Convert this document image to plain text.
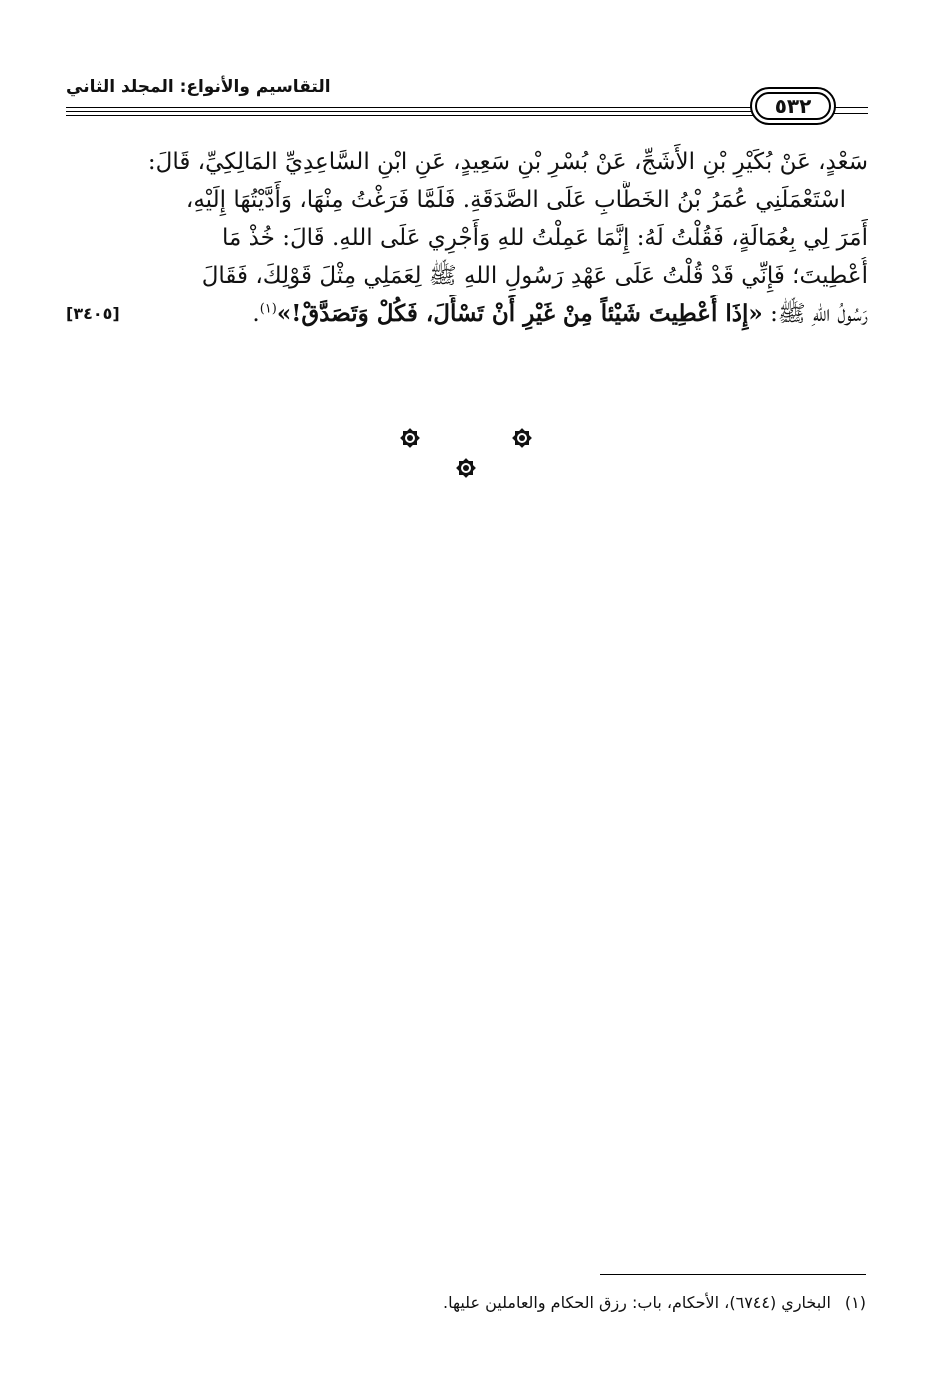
التقاسيم والأنواع: المجلد الثاني
٥٣٢
سَعْدٍ، عَنْ بُكَيْرِ بْنِ الأَشَجِّ، عَنْ بُسْرِ بْنِ سَعِيدٍ، عَنِ ابْنِ السَّاعِدِيِّ المَالِكِيِّ، قَالَ:
اسْتَعْمَلَنِي عُمَرُ بْنُ الخَطَّابِ عَلَى الصَّدَقَةِ. فَلَمَّا فَرَغْتُ مِنْهَا، وَأَدَّيْتُهَا إِلَيْهِ،
أَمَرَ لِي بِعُمَالَةٍ، فَقُلْتُ لَهُ: إِنَّمَا عَمِلْتُ للهِ وَأَجْرِي عَلَى اللهِ. قَالَ: خُذْ مَا
أُعْطِيتَ؛ فَإِنِّي قَدْ قُلْتُ عَلَى عَهْدِ رَسُولِ اللهِ ﷺ لِعَمَلِي مِثْلَ قَوْلِكَ، فَقَالَ
رَسُولُ اللهِ ﷺ: «إِذَا أُعْطِيتَ شَيْئاً مِنْ غَيْرِ أَنْ تَسْأَلَ، فَكُلْ وَتَصَدَّقْ!»$^{(١)}$.
[٣٤٠٥]
(١)البخاري (٦٧٤٤)، الأحكام، باب: رزق الحكام والعاملين عليها.
